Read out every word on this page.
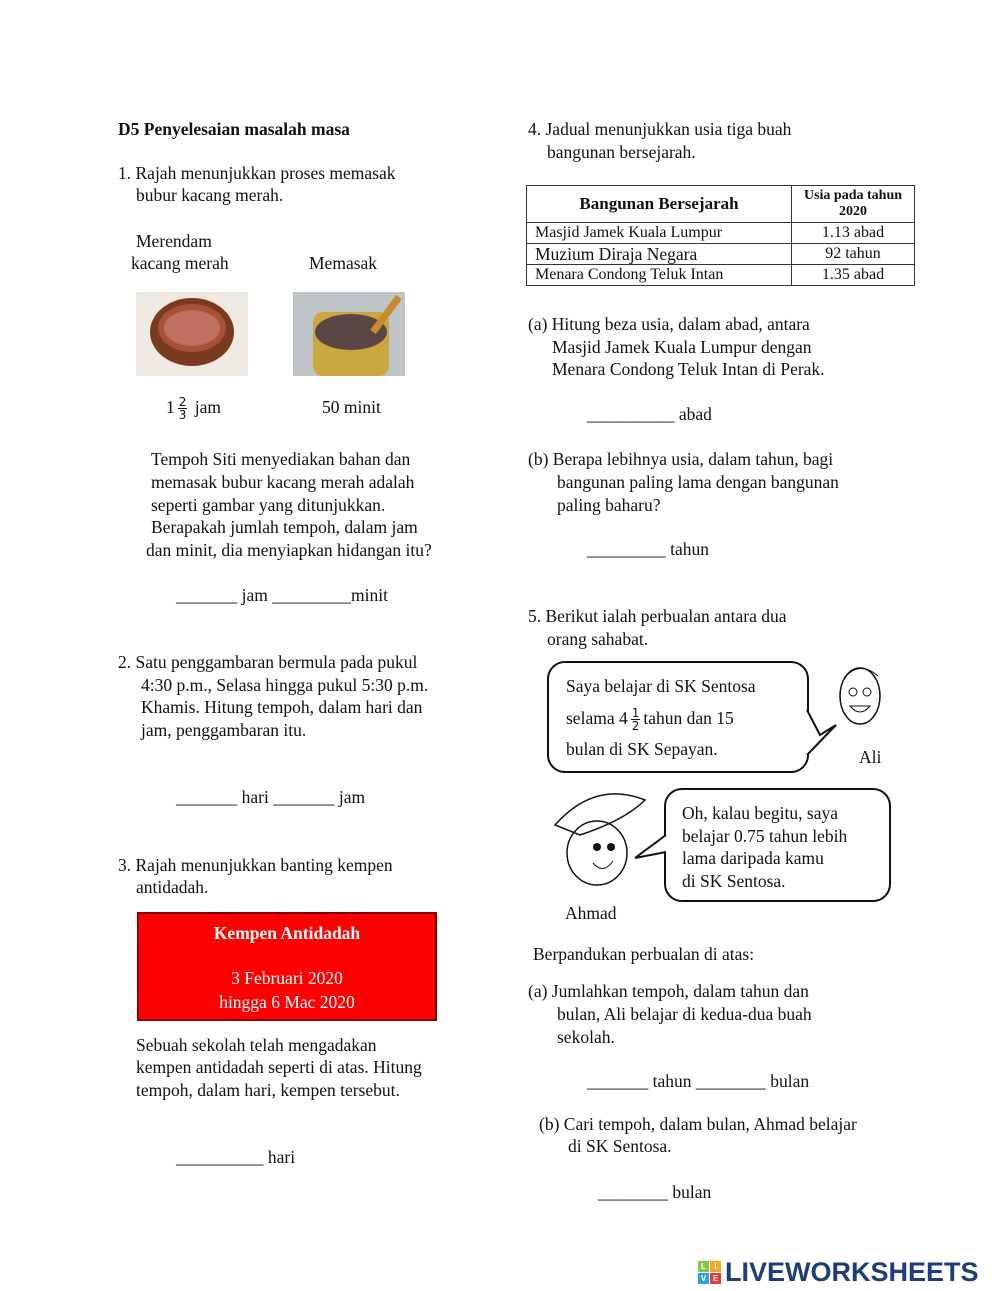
D5 Penyelesaian masalah masa
1. Rajah menunjukkan proses memasak
bubur kacang merah.
Merendam
kacang merah	Memasak
$1 \frac{2}{3}$ jam	50 minit
Tempoh Siti menyediakan bahan dan
memasak bubur kacang merah adalah
seperti gambar yang ditunjukkan.
Berapakah jumlah tempoh, dalam jam
dan minit, dia menyiapkan hidangan itu?
_______ jam _________minit
2. Satu penggambaran bermula pada pukul
4:30 p.m., Selasa hingga pukul 5:30 p.m.
Khamis. Hitung tempoh, dalam hari dan
jam, penggambaran itu.
_______ hari _______ jam
3. Rajah menunjukkan banting kempen
antidadah.
Kempen Antidadah
3 Februari 2020
hingga 6 Mac 2020
Sebuah sekolah telah mengadakan
kempen antidadah seperti di atas. Hitung
tempoh, dalam hari, kempen tersebut.
__________ hari
4. Jadual menunjukkan usia tiga buah
bangunan bersejarah.
Bangunan Bersejarah	Usia pada tahun 2020
Masjid Jamek Kuala Lumpur	1.13 abad
Muzium Diraja Negara	92 tahun
Menara Condong Teluk Intan	1.35 abad
(a) Hitung beza usia, dalam abad, antara
Masjid Jamek Kuala Lumpur dengan
Menara Condong Teluk Intan di Perak.
__________ abad
(b) Berapa lebihnya usia, dalam tahun, bagi
bangunan paling lama dengan bangunan
paling baharu?
_________ tahun
5. Berikut ialah perbualan antara dua
orang sahabat.
Saya belajar di SK Sentosa
selama $4 \frac{1}{2}$ tahun dan 15
bulan di SK Sepayan.	Ali
Ahmad
Oh, kalau begitu, saya
belajar 0.75 tahun lebih
lama daripada kamu
di SK Sentosa.
Berpandukan perbualan di atas:
(a) Jumlahkan tempoh, dalam tahun dan
bulan, Ali belajar di kedua-dua buah
sekolah.
_______ tahun ________ bulan
(b) Cari tempoh, dalam bulan, Ahmad belajar
di SK Sentosa.
________ bulan
L	I
V E LIVEWORKSHEETS
